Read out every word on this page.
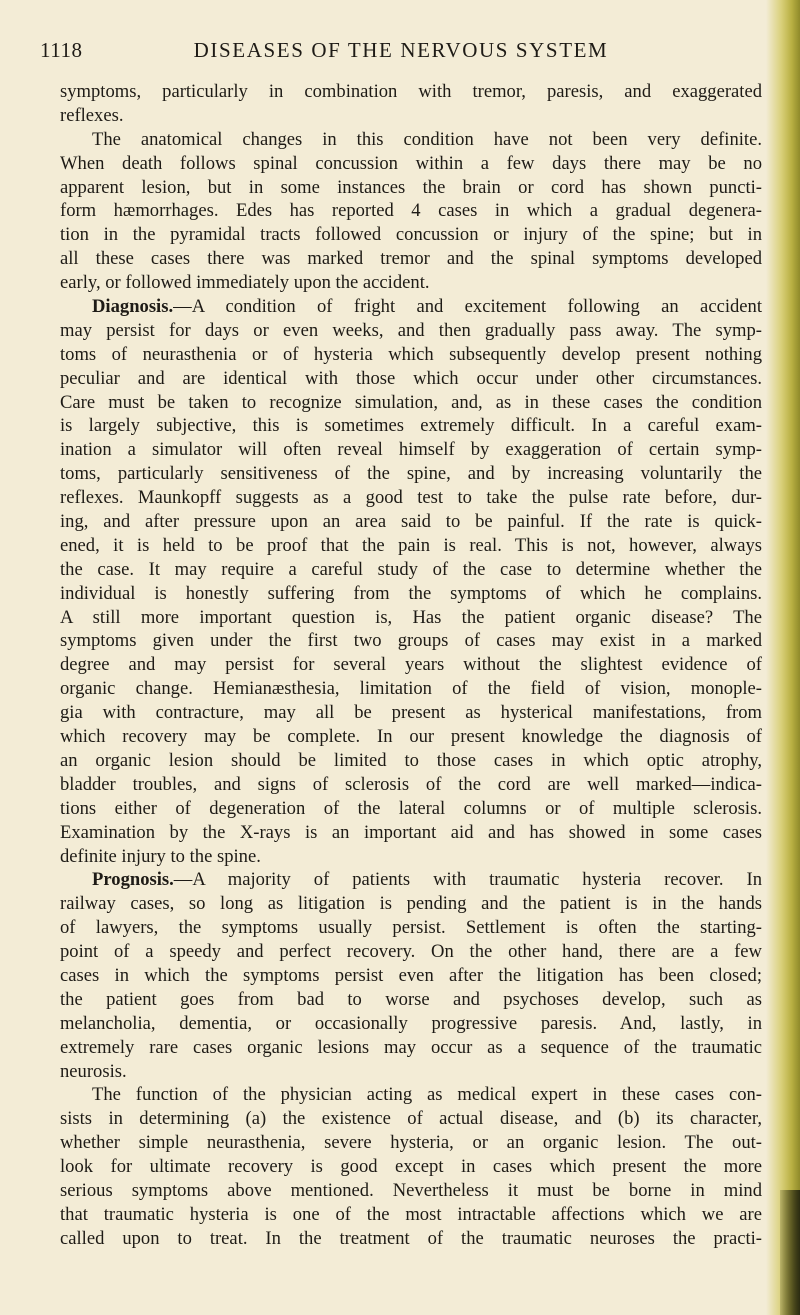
1118	DISEASES OF THE NERVOUS SYSTEM
symptoms, particularly in combination with tremor, paresis, and exaggerated
reflexes.
The anatomical changes in this condition have not been very definite.
When death follows spinal concussion within a few days there may be no
apparent lesion, but in some instances the brain or cord has shown puncti-
form hæmorrhages. Edes has reported 4 cases in which a gradual degenera-
tion in the pyramidal tracts followed concussion or injury of the spine; but in
all these cases there was marked tremor and the spinal symptoms developed
early, or followed immediately upon the accident.
Diagnosis.—A condition of fright and excitement following an accident
may persist for days or even weeks, and then gradually pass away. The symp-
toms of neurasthenia or of hysteria which subsequently develop present nothing
peculiar and are identical with those which occur under other circumstances.
Care must be taken to recognize simulation, and, as in these cases the condition
is largely subjective, this is sometimes extremely difficult. In a careful exam-
ination a simulator will often reveal himself by exaggeration of certain symp-
toms, particularly sensitiveness of the spine, and by increasing voluntarily the
reflexes. Maunkopff suggests as a good test to take the pulse rate before, dur-
ing, and after pressure upon an area said to be painful. If the rate is quick-
ened, it is held to be proof that the pain is real. This is not, however, always
the case. It may require a careful study of the case to determine whether the
individual is honestly suffering from the symptoms of which he complains.
A still more important question is, Has the patient organic disease? The
symptoms given under the first two groups of cases may exist in a marked
degree and may persist for several years without the slightest evidence of
organic change. Hemianæsthesia, limitation of the field of vision, monople-
gia with contracture, may all be present as hysterical manifestations, from
which recovery may be complete. In our present knowledge the diagnosis of
an organic lesion should be limited to those cases in which optic atrophy,
bladder troubles, and signs of sclerosis of the cord are well marked—indica-
tions either of degeneration of the lateral columns or of multiple sclerosis.
Examination by the X-rays is an important aid and has showed in some cases
definite injury to the spine.
Prognosis.—A majority of patients with traumatic hysteria recover. In
railway cases, so long as litigation is pending and the patient is in the hands
of lawyers, the symptoms usually persist. Settlement is often the starting-
point of a speedy and perfect recovery. On the other hand, there are a few
cases in which the symptoms persist even after the litigation has been closed;
the patient goes from bad to worse and psychoses develop, such as
melancholia, dementia, or occasionally progressive paresis. And, lastly, in
extremely rare cases organic lesions may occur as a sequence of the traumatic
neurosis.
The function of the physician acting as medical expert in these cases con-
sists in determining (a) the existence of actual disease, and (b) its character,
whether simple neurasthenia, severe hysteria, or an organic lesion. The out-
look for ultimate recovery is good except in cases which present the more
serious symptoms above mentioned. Nevertheless it must be borne in mind
that traumatic hysteria is one of the most intractable affections which we are
called upon to treat. In the treatment of the traumatic neuroses the practi-
